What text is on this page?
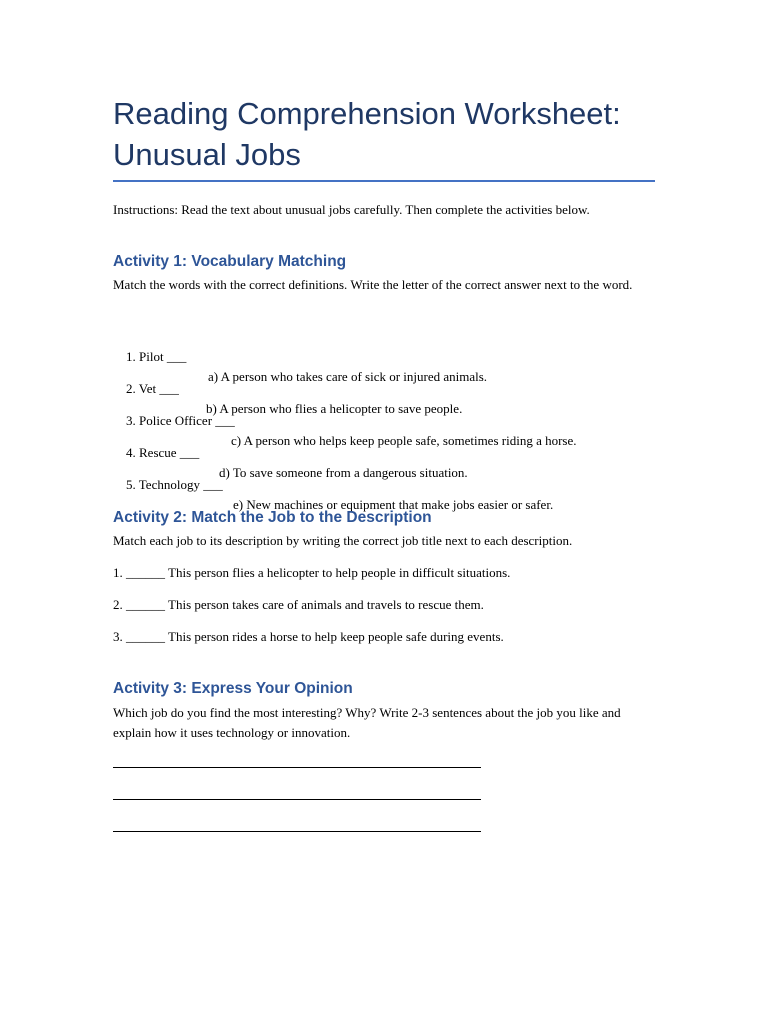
Reading Comprehension Worksheet:
Unusual Jobs

Instructions: Read the text about unusual jobs carefully. Then complete the activities below.

Activity 1: Vocabulary Matching

Match the words with the correct definitions. Write the letter of the correct answer next to the word.

1. Pilot ___

a) A person who takes care of sick or injured animals.

2. Vet ___

b) A person who flies a helicopter to save people.

3. Police Officer ___

c) A person who helps keep people safe, sometimes riding a horse.

4. Rescue ___

d) To save someone from a dangerous situation.

5. Technology ___

e) New machines or equipment that make jobs easier or safer.

Activity 2: Match the Job to the Description

Match each job to its description by writing the correct job title next to each description.

1. ______ This person flies a helicopter to help people in difficult situations.

2. ______ This person takes care of animals and travels to rescue them.

3. ______ This person rides a horse to help keep people safe during events.

Activity 3: Express Your Opinion

Which job do you find the most interesting? Why? Write 2-3 sentences about the job you like and explain how it uses technology or innovation.
